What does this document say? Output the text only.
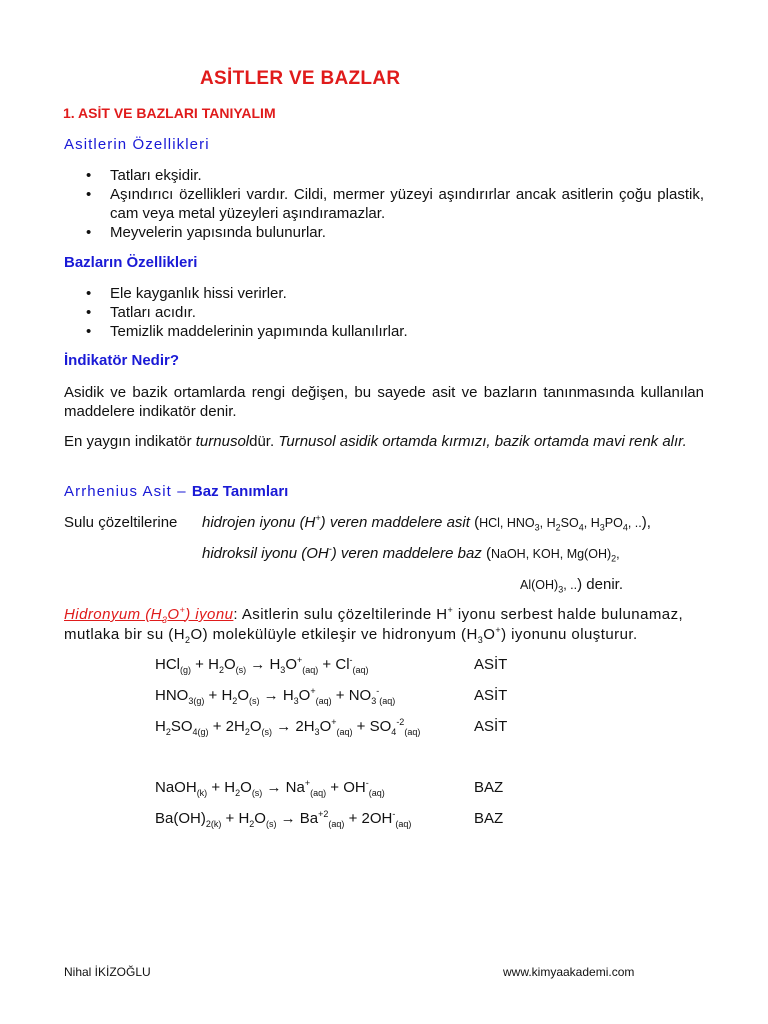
ASİTLER VE BAZLAR
1. ASİT VE BAZLARI TANIYALIM
Asitlerin Özellikleri
• Tatları ekşidir.
• Aşındırıcı özellikleri vardır. Cildi, mermer yüzeyi aşındırırlar ancak asitlerin çoğu plastik, cam veya metal yüzeyleri aşındıramazlar.
• Meyvelerin yapısında bulunurlar.
Bazların Özellikleri
• Ele kayganlık hissi verirler.
• Tatları acıdır.
• Temizlik maddelerinin yapımında kullanılırlar.
İndikatör Nedir?
Asidik ve bazik ortamlarda rengi değişen, bu sayede asit ve bazların tanınmasında kullanılan maddelere indikatör denir.
En yaygın indikatör turnusoldür. Turnusol asidik ortamda kırmızı, bazik ortamda mavi renk alır.
Arrhenius Asit – Baz Tanımları
Sulu çözeltilerine hidrojen iyonu (H+) veren maddelere asit (HCl, $HNO_3$, $H_2SO_4$, $H_3PO_4$, ..),
hidroksil iyonu (OH-) veren maddelere baz (NaOH, KOH, $Mg(OH)_2$,
$Al(OH)_3$, ..) denir.
Hidronyum $(H_3O^+)$ iyonu: Asitlerin sulu çözeltilerinde H+ iyonu serbest halde bulunamaz,
mutlaka bir su $(H_2O)$ molekülüyle etkileşir ve hidronyum $(H_3O^+)$ iyonunu oluşturur.
$HCl_{(g)} + H_2O_{(s)} \to H_3O^+_{(aq)} + Cl^-_{(aq)}$	ASİT
$HNO_{3(g)} + H_2O_{(s)} \to H_3O^+_{(aq)} + NO_3^-_{(aq)}$	ASİT
$H_2SO_{4(g)} + 2H_2O_{(s)} \to 2H_3O^+_{(aq)} + SO_4^{-2}_{(aq)}$	ASİT
NaOH$_{(k)}$ + $H_2O_{(s)} \to Na^+_{(aq)} + OH^-_{(aq)}$	BAZ
$Ba(OH)_{2(k)} + H_2O_{(s)} \to Ba^{+2}_{(aq)} + 2OH^-_{(aq)}$	BAZ
Nihal İKİZOĞLU	www.kimyaakademi.com
